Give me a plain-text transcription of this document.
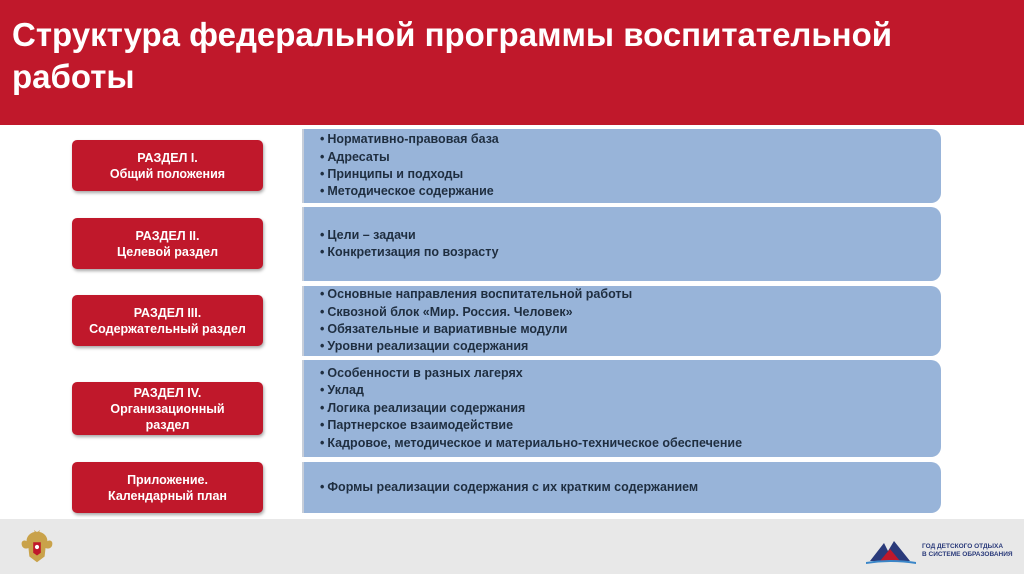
Структура федеральной программы воспитательной работы
РАЗДЕЛ I.
Общий положения
• Нормативно-правовая база
• Адресаты
• Принципы и подходы
• Методическое содержание
РАЗДЕЛ II.
Целевой раздел
• Цели – задачи
• Конкретизация по возрасту
РАЗДЕЛ III.
Содержательный раздел
• Основные направления воспитательной работы
• Сквозной блок «Мир. Россия. Человек»
• Обязательные и вариативные модули
• Уровни реализации содержания
РАЗДЕЛ IV.
Организационный
раздел
• Особенности в разных лагерях
• Уклад
• Логика реализации содержания
• Партнерское взаимодействие
• Кадровое, методическое и материально-техническое обеспечение
Приложение.
Календарный план
• Формы реализации содержания с их кратким содержанием
ГОД ДЕТСКОГО ОТДЫХА
В СИСТЕМЕ ОБРАЗОВАНИЯ
